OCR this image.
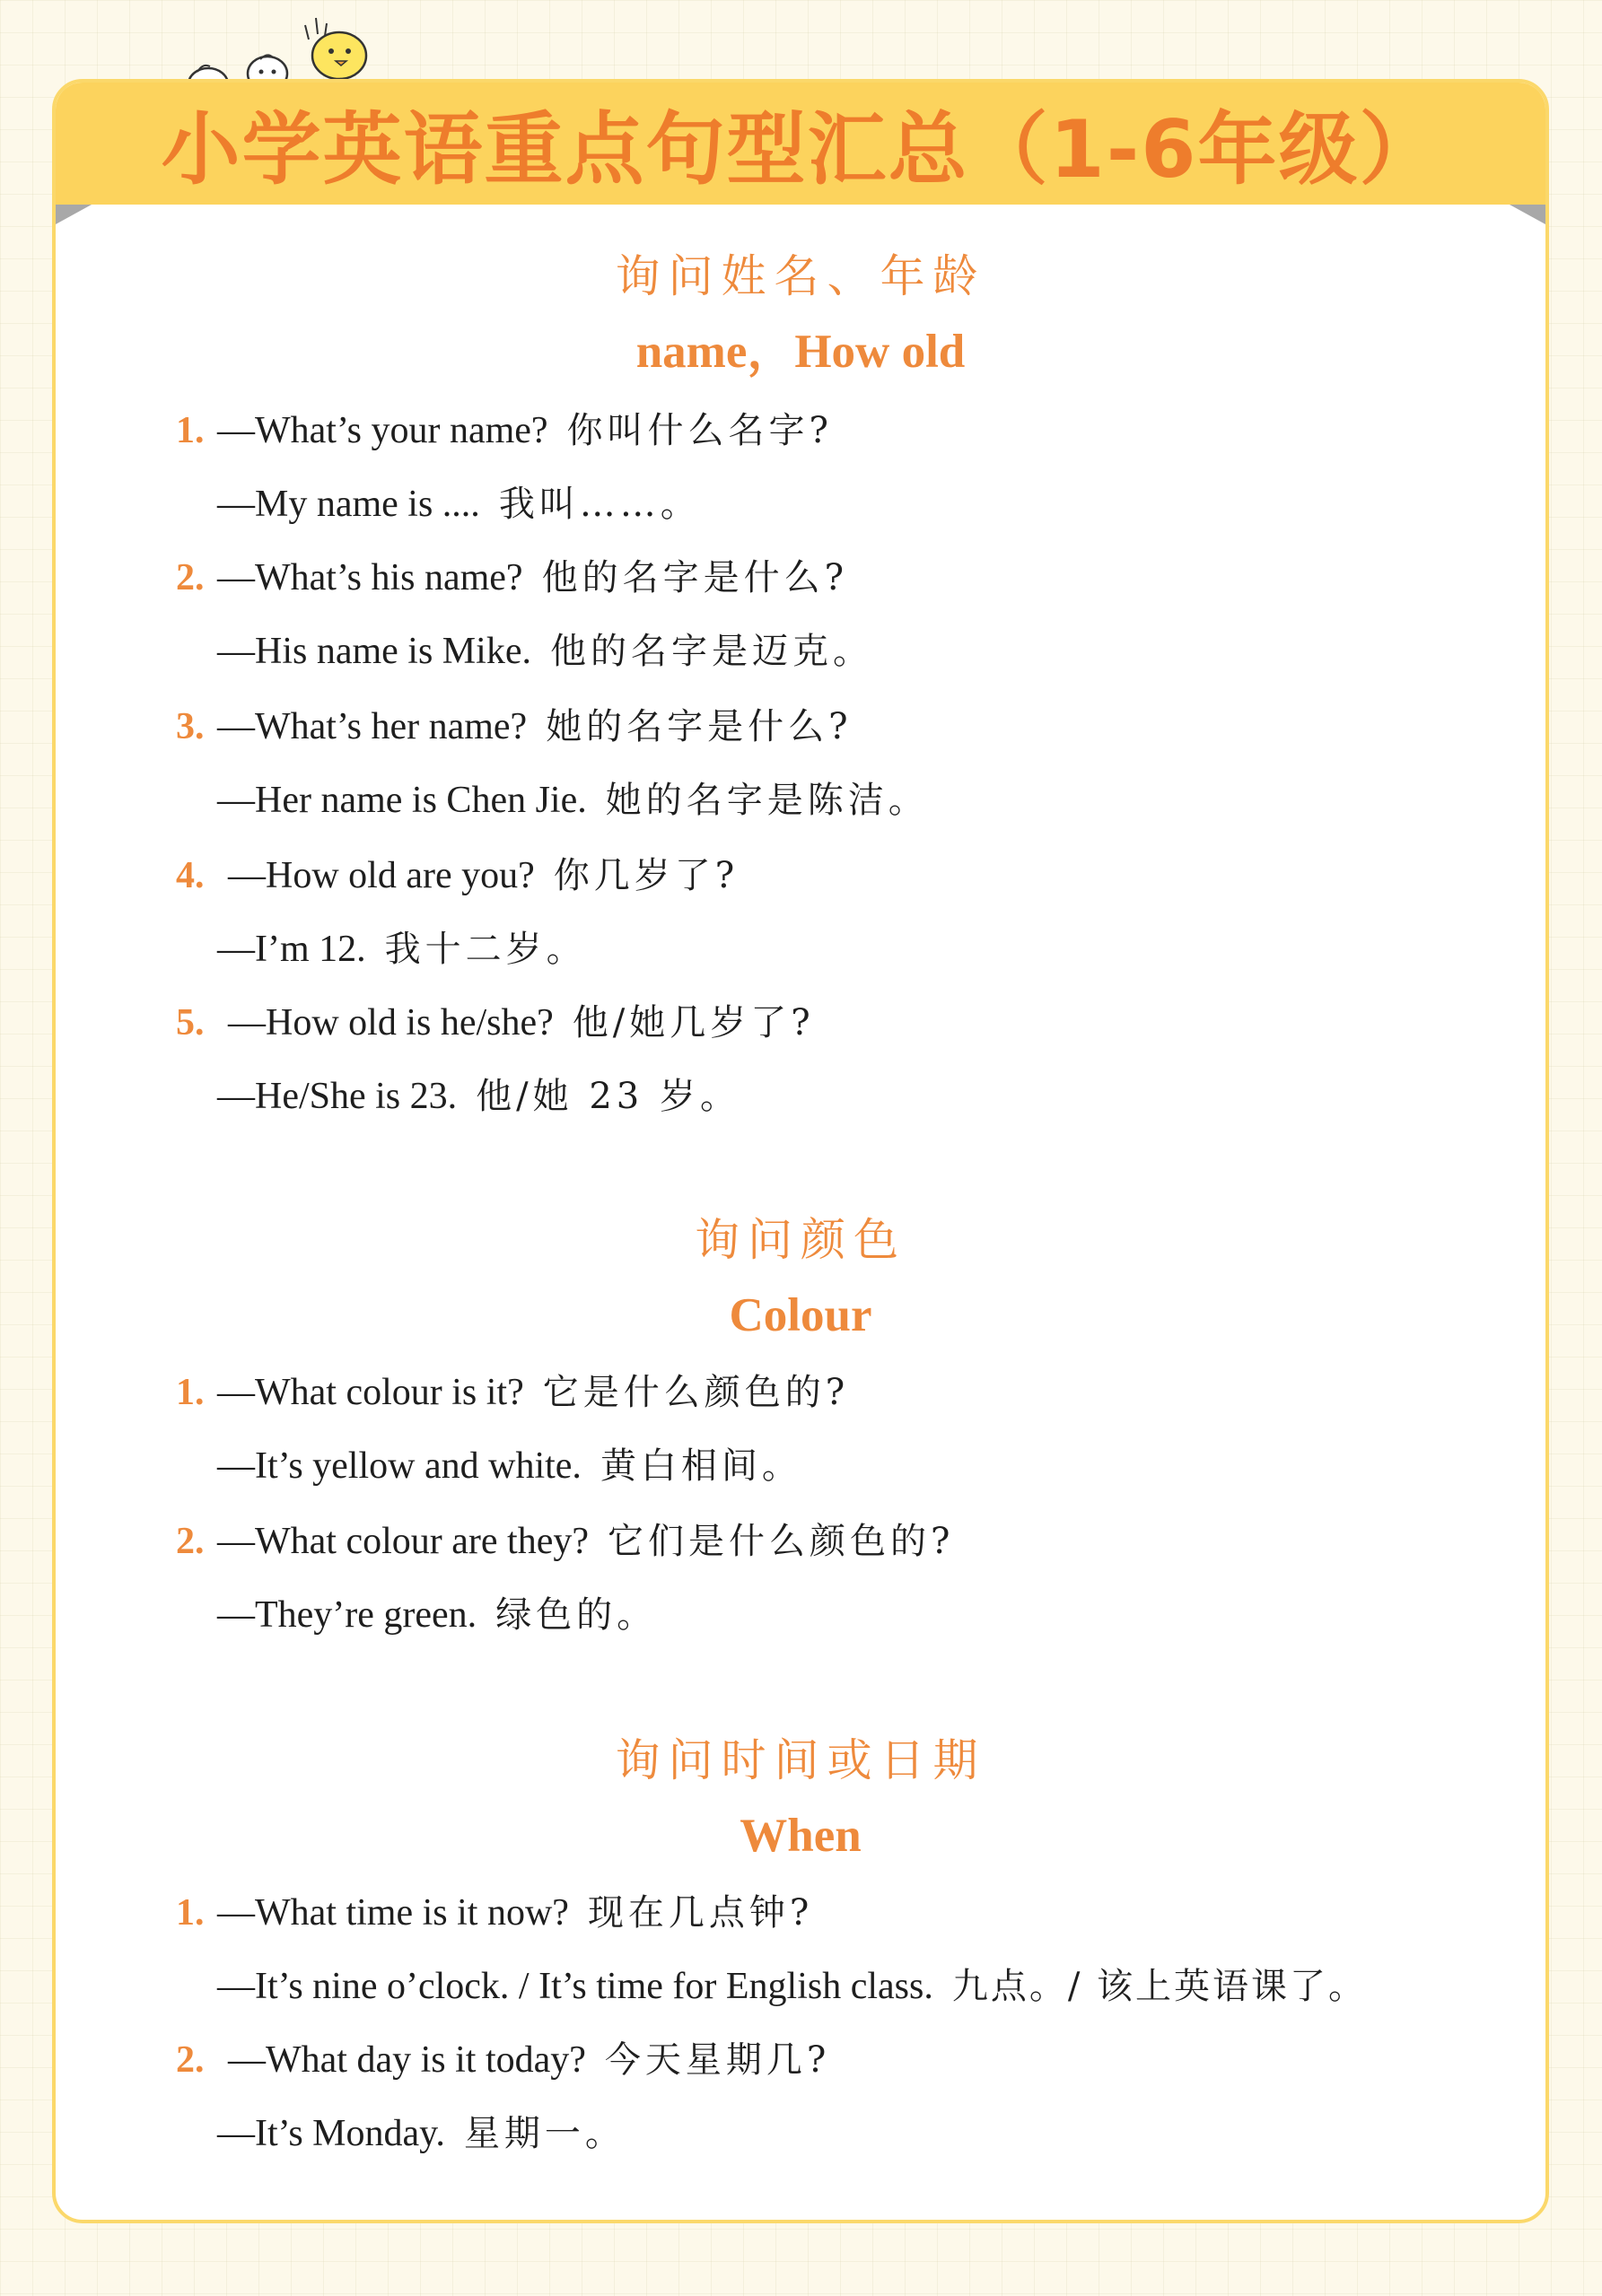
小学英语重点句型汇总（1-6年级）
询问姓名、年龄
name，How old
1. —What’s your name? 你叫什么名字?
—My name is .... 我叫……。
2. —What’s his name? 他的名字是什么?
—His name is Mike. 他的名字是迈克。
3. —What’s her name? 她的名字是什么?
—Her name is Chen Jie. 她的名字是陈洁。
4. —How old are you? 你几岁了?
—I’m 12. 我十二岁。
5. —How old is he/she? 他/她几岁了?
—He/She is 23. 他/她 23 岁。
询问颜色
Colour
1. —What colour is it? 它是什么颜色的?
—It’s yellow and white. 黄白相间。
2. —What colour are they? 它们是什么颜色的?
—They’re green. 绿色的。
询问时间或日期
When
1. —What time is it now? 现在几点钟?
—It’s nine o’clock. / It’s time for English class. 九点。/ 该上英语课了。
2. —What day is it today? 今天星期几?
—It’s Monday. 星期一。
